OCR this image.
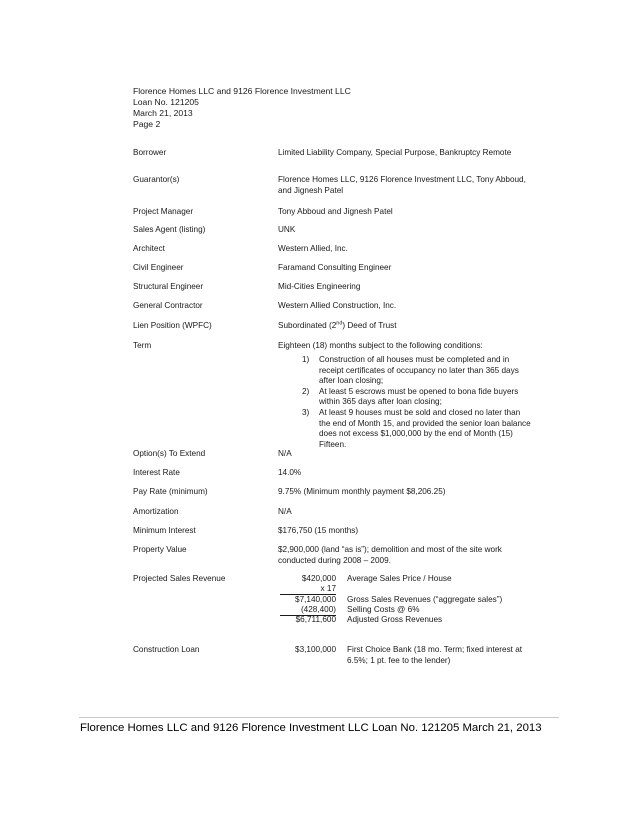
Florence Homes LLC and 9126 Florence Investment LLC
Loan No. 121205
March 21, 2013
Page 2
Borrower	Limited Liability Company, Special Purpose, Bankruptcy Remote
Guarantor(s)	Florence Homes LLC, 9126 Florence Investment LLC, Tony Abboud, and Jignesh Patel
Project Manager	Tony Abboud and Jignesh Patel
Sales Agent (listing)	UNK
Architect	Western Allied, Inc.
Civil Engineer	Faramand Consulting Engineer
Structural Engineer	Mid-Cities Engineering
General Contractor	Western Allied Construction, Inc.
Lien Position (WPFC)	Subordinated (2nd) Deed of Trust
Term	Eighteen (18) months subject to the following conditions:
1) Construction of all houses must be completed and in receipt certificates of occupancy no later than 365 days after loan closing;
2) At least 5 escrows must be opened to bona fide buyers within 365 days after loan closing;
3) At least 9 houses must be sold and closed no later than the end of Month 15, and provided the senior loan balance does not excess $1,000,000 by the end of Month (15) Fifteen.
Option(s) To Extend	N/A
Interest Rate	14.0%
Pay Rate (minimum)	9.75% (Minimum monthly payment $8,206.25)
Amortization	N/A
Minimum Interest	$176,750 (15 months)
Property Value	$2,900,000 (land “as is”); demolition and most of the site work conducted during 2008 – 2009.
Projected Sales Revenue	$420,000 Average Sales Price / House
x 17
$7,140,000 Gross Sales Revenues (“aggregate sales”)
(428,400) Selling Costs @ 6%
$6,711,600 Adjusted Gross Revenues
Construction Loan	$3,100,000 First Choice Bank (18 mo. Term; fixed interest at 6.5%; 1 pt. fee to the lender)
Florence Homes LLC and 9126 Florence Investment LLC Loan No. 121205 March 21, 2013
